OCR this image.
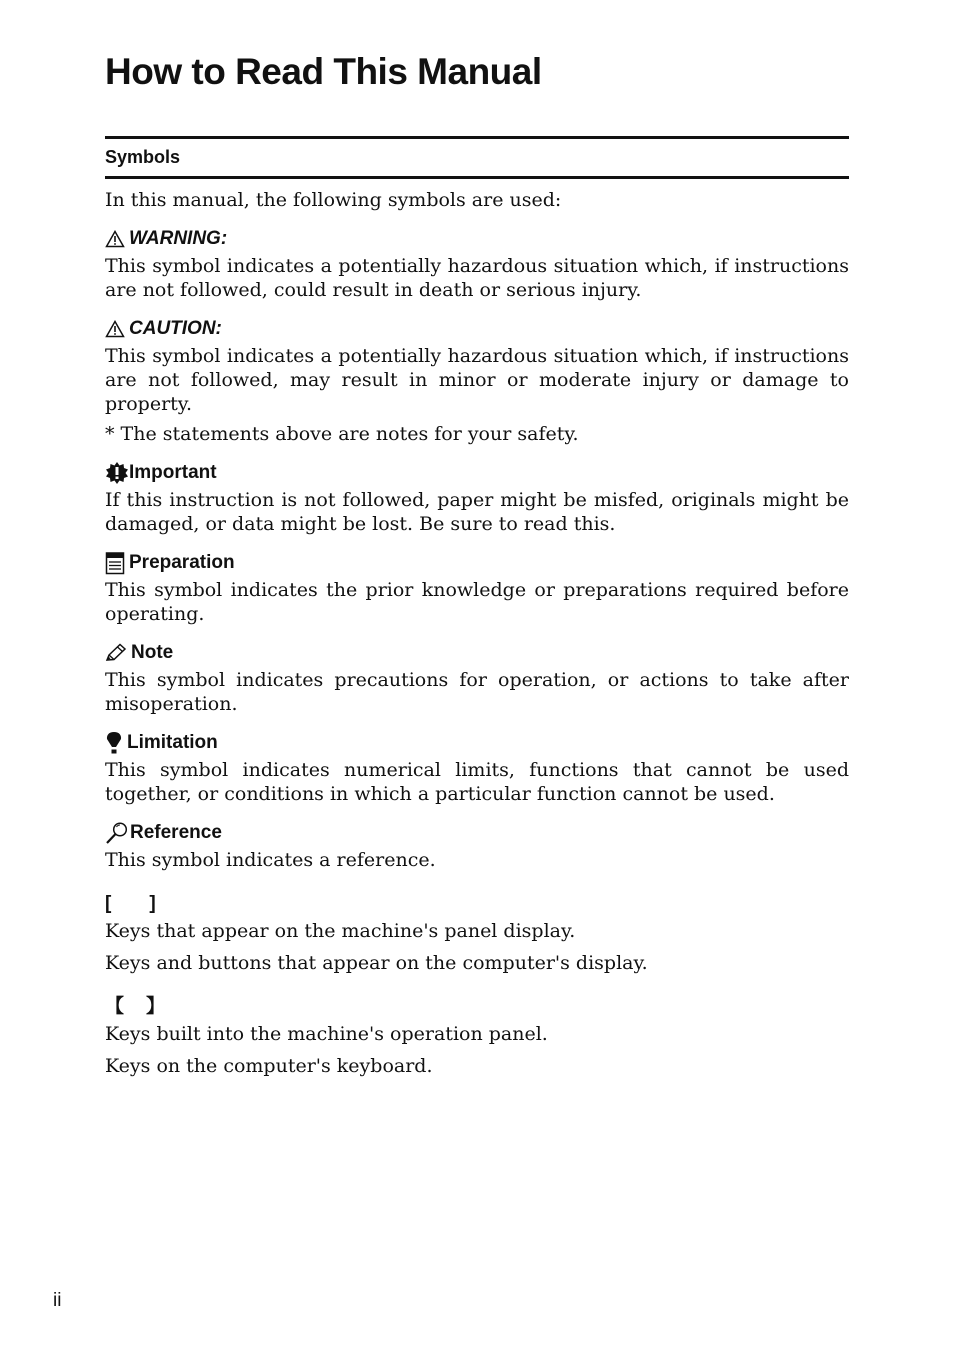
How to Read This Manual
Symbols

In this manual, the following symbols are used:

WARNING:

This symbol indicates a potentially hazardous situation which, if instructions are not followed, could result in death or serious injury.

CAUTION:

This symbol indicates a potentially hazardous situation which, if instructions are not followed, may result in minor or moderate injury or damage to property.

* The statements above are notes for your safety.

Important

If this instruction is not followed, paper might be misfed, originals might be damaged, or data might be lost. Be sure to read this.

Preparation

This symbol indicates the prior knowledge or preparations required before operating.

Note

This symbol indicates precautions for operation, or actions to take after misoperation.

Limitation

This symbol indicates numerical limits, functions that cannot be used together, or conditions in which a particular function cannot be used.

Reference

This symbol indicates a reference.

[ ]

Keys that appear on the machine's panel display.

Keys and buttons that appear on the computer's display.

【 】

Keys built into the machine's operation panel.

Keys on the computer's keyboard.

ii
